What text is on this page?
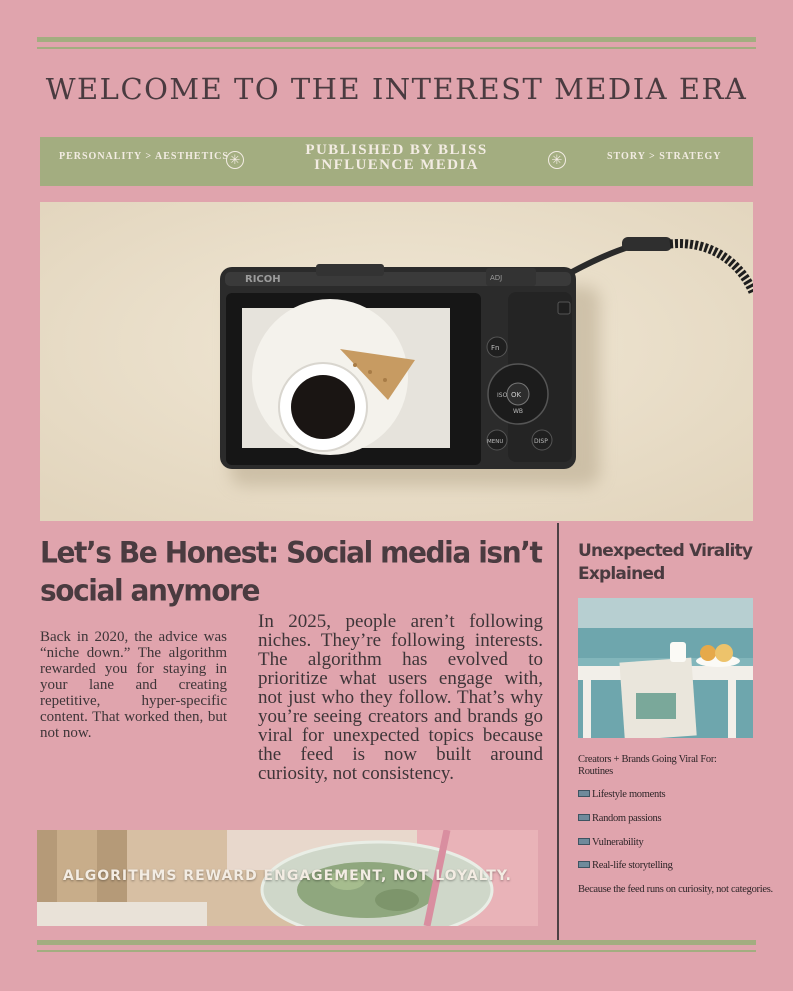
WELCOME TO THE INTEREST MEDIA ERA
PERSONALITY > AESTHETICS ✳
PUBLISHED BY BLISS
INFLUENCE MEDIA	✳	STORY > STRATEGY
RICOH	ADJ
Fn
OK
ISO
WB
MENU	DISP
Let’s Be Honest: Social media isn’t social anymore

Back in 2020, the advice was “niche down.” The algorithm rewarded you for staying in your lane and creating repetitive, hyper-specific content. That worked then, but not now.

In 2025, people aren’t following niches. They’re following interests. The algorithm has evolved to prioritize what users engage with, not just who they follow. That’s why you’re seeing creators and brands go viral for unexpected topics because the feed is now built around curiosity, not consistency.

ALGORITHMS REWARD ENGAGEMENT, NOT LOYALTY.
Unexpected Virality Explained
Creators + Brands Going Viral For: Routines
Lifestyle moments
Random passions
Vulnerability
Real-life storytelling
Because the feed runs on curiosity, not categories.
